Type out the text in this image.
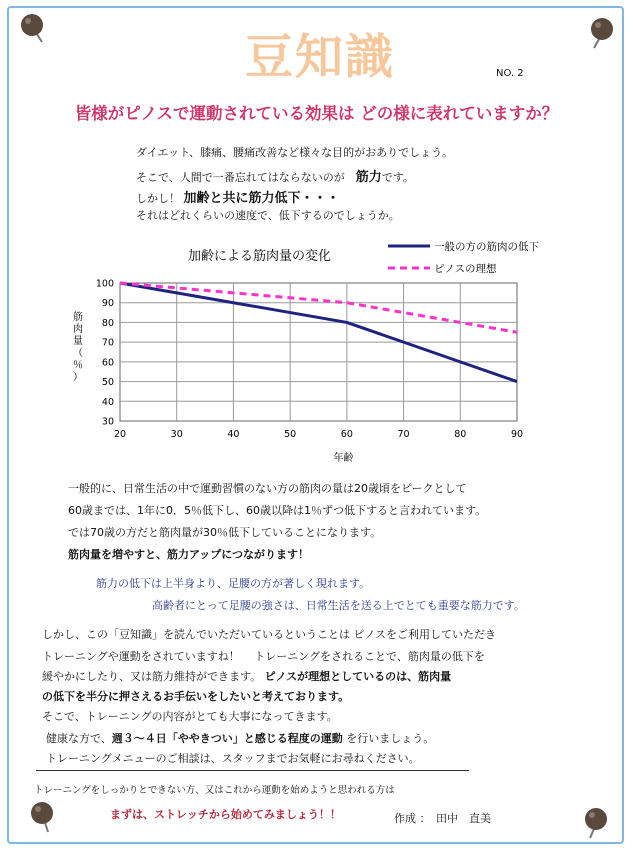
豆知識	NO. 2
皆様がピノスで運動されている効果は どの様に表れていますか？
ダイエット、膝痛、腰痛改善など様々な目的がおありでしょう。
そこで、人間で一番忘れてはならないのが　 筋力です。
しかし！ 加齢と共に筋力低下・・・
それはどれくらいの速度で、低下するのでしょうか。
加齢による筋肉量の変化
30
40
50
60
70
80
90
100
20	30	40	50	60	70	80	90
年齢
筋
肉
量
（
％
）
一般の方の筋肉の低下
ピノスの理想
一般的に、日常生活の中で運動習慣のない方の筋肉の量は20歳頃をピークとして
60歳までは、1年に0．5％低下し、60歳以降は1％ずつ低下すると言われています。
では70歳の方だと筋肉量が30％低下していることになります。
筋肉量を増やすと、筋力アップにつながります！
筋力の低下は上半身より、足腰の方が著しく現れます。
高齢者にとって足腰の強さは、日常生活を送る上でとても重要な筋力です。
しかし、この「豆知識」を読んでいただいているということは ピノスをご利用していただき
トレーニングや運動をされていますね！　 トレーニングをされることで、筋肉量の低下を
緩やかにしたり、又は筋力維持ができます。 ピノスが理想としているのは、筋肉量
の低下を半分に押さえるお手伝いをしたいと考えております。
そこで、トレーニングの内容がとても大事になってきます。
健康な方で、週３～４日「ややきつい」と感じる程度の運動 を行いましょう。
トレーニングメニューのご相談は、スタッフまでお気軽にお尋ねください。
トレーニングをしっかりとできない方、又はこれから運動を始めようと思われる方は
まずは、ストレッチから始めてみましょう！！	作成 ：　 田中　直美
